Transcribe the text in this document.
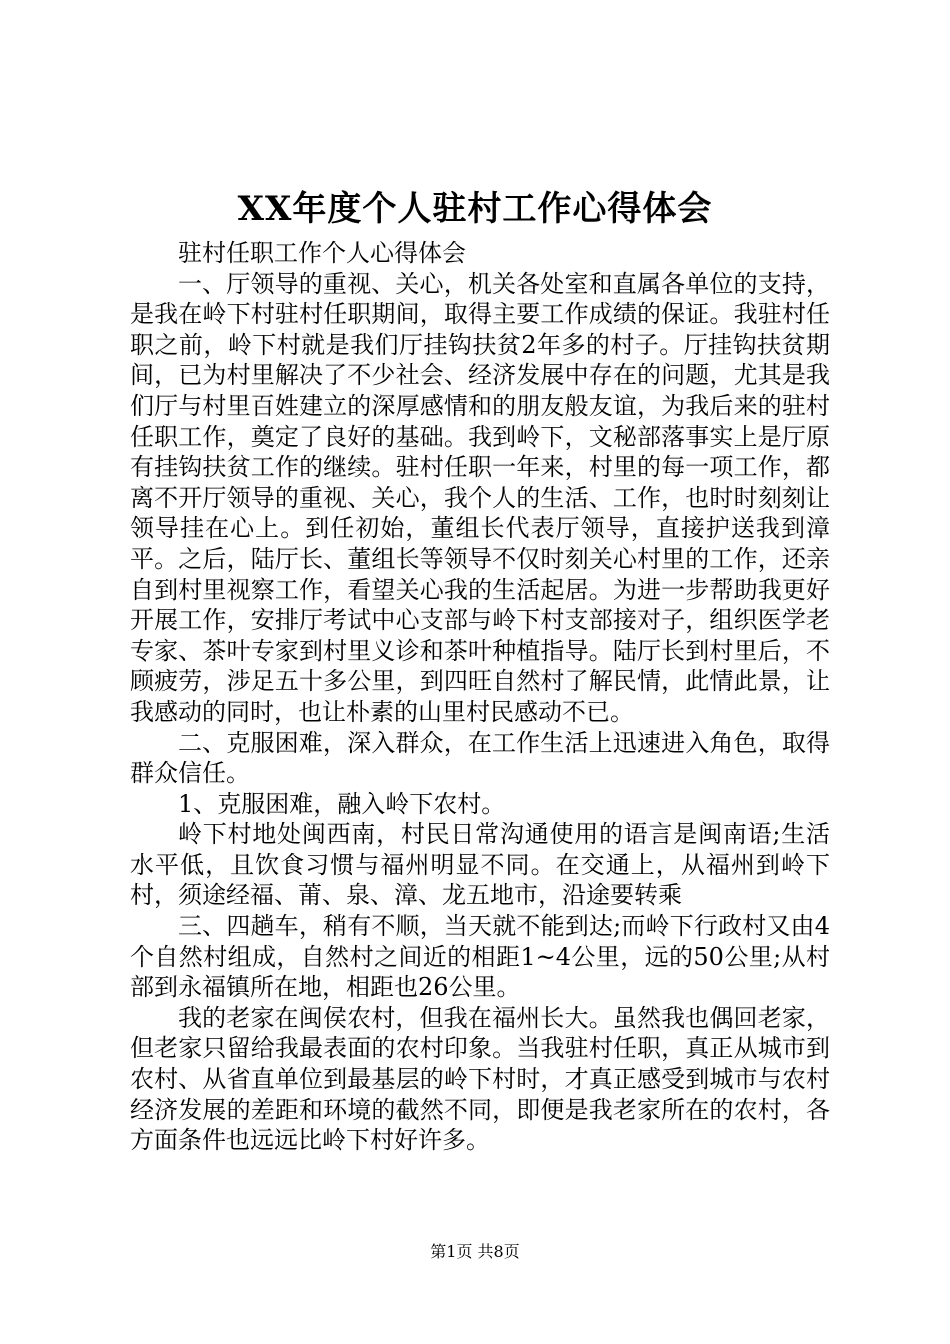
XX年度个人驻村工作心得体会

驻村任职工作个人心得体会

一、厅领导的重视、关心，机关各处室和直属各单位的支持，是我在岭下村驻村任职期间，取得主要工作成绩的保证。我驻村任职之前，岭下村就是我们厅挂钩扶贫2年多的村子。厅挂钩扶贫期间，已为村里解决了不少社会、经济发展中存在的问题，尤其是我们厅与村里百姓建立的深厚感情和的朋友般友谊，为我后来的驻村任职工作，奠定了良好的基础。我到岭下，文秘部落事实上是厅原有挂钩扶贫工作的继续。驻村任职一年来，村里的每一项工作，都离不开厅领导的重视、关心，我个人的生活、工作，也时时刻刻让领导挂在心上。到任初始，董组长代表厅领导，直接护送我到漳平。之后，陆厅长、董组长等领导不仅时刻关心村里的工作，还亲自到村里视察工作，看望关心我的生活起居。为进一步帮助我更好开展工作，安排厅考试中心支部与岭下村支部接对子，组织医学老专家、茶叶专家到村里义诊和茶叶种植指导。陆厅长到村里后，不顾疲劳，涉足五十多公里，到四旺自然村了解民情，此情此景，让我感动的同时，也让朴素的山里村民感动不已。

二、克服困难，深入群众，在工作生活上迅速进入角色，取得群众信任。

1、克服困难，融入岭下农村。

岭下村地处闽西南，村民日常沟通使用的语言是闽南语;生活水平低，且饮食习惯与福州明显不同。在交通上，从福州到岭下村，须途经福、莆、泉、漳、龙五地市，沿途要转乘

三、四趟车，稍有不顺，当天就不能到达;而岭下行政村又由4个自然村组成，自然村之间近的相距1~4公里，远的50公里;从村部到永福镇所在地，相距也26公里。

我的老家在闽侯农村，但我在福州长大。虽然我也偶回老家，但老家只留给我最表面的农村印象。当我驻村任职，真正从城市到农村、从省直单位到最基层的岭下村时，才真正感受到城市与农村经济发展的差距和环境的截然不同，即便是我老家所在的农村，各方面条件也远远比岭下村好许多。

第1页 共8页
